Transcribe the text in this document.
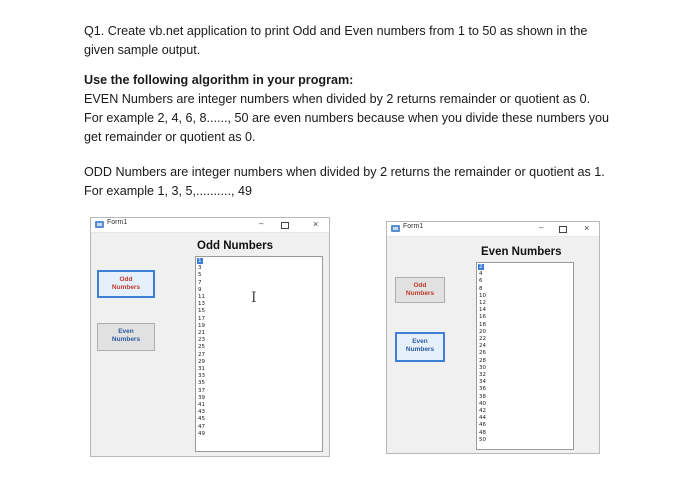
Q1. Create vb.net application to print Odd and Even numbers from 1 to 50 as shown in the
given sample output.
Use the following algorithm in your program:
EVEN Numbers are integer numbers when divided by 2 returns remainder or quotient as 0.
For example 2, 4, 6, 8......, 50 are even numbers because when you divide these numbers you
get remainder or quotient as 0.
ODD Numbers are integer numbers when divided by 2 returns the remainder or quotient as 1.
For example 1, 3, 5,.........., 49
Form1	–	×
Odd Numbers
Odd
Numbers
Even
Numbers
1
3
5
7
9
11
13
15
17
19
21
23
25
27
29
31
33
35
37
39
41
43
45
47
49
I
Form1	–	×
Even Numbers
Odd
Numbers
Even
Numbers
2
4
6
8
10
12
14
16
18
20
22
24
26
28
30
32
34
36
38
40
42
44
46
48
50
